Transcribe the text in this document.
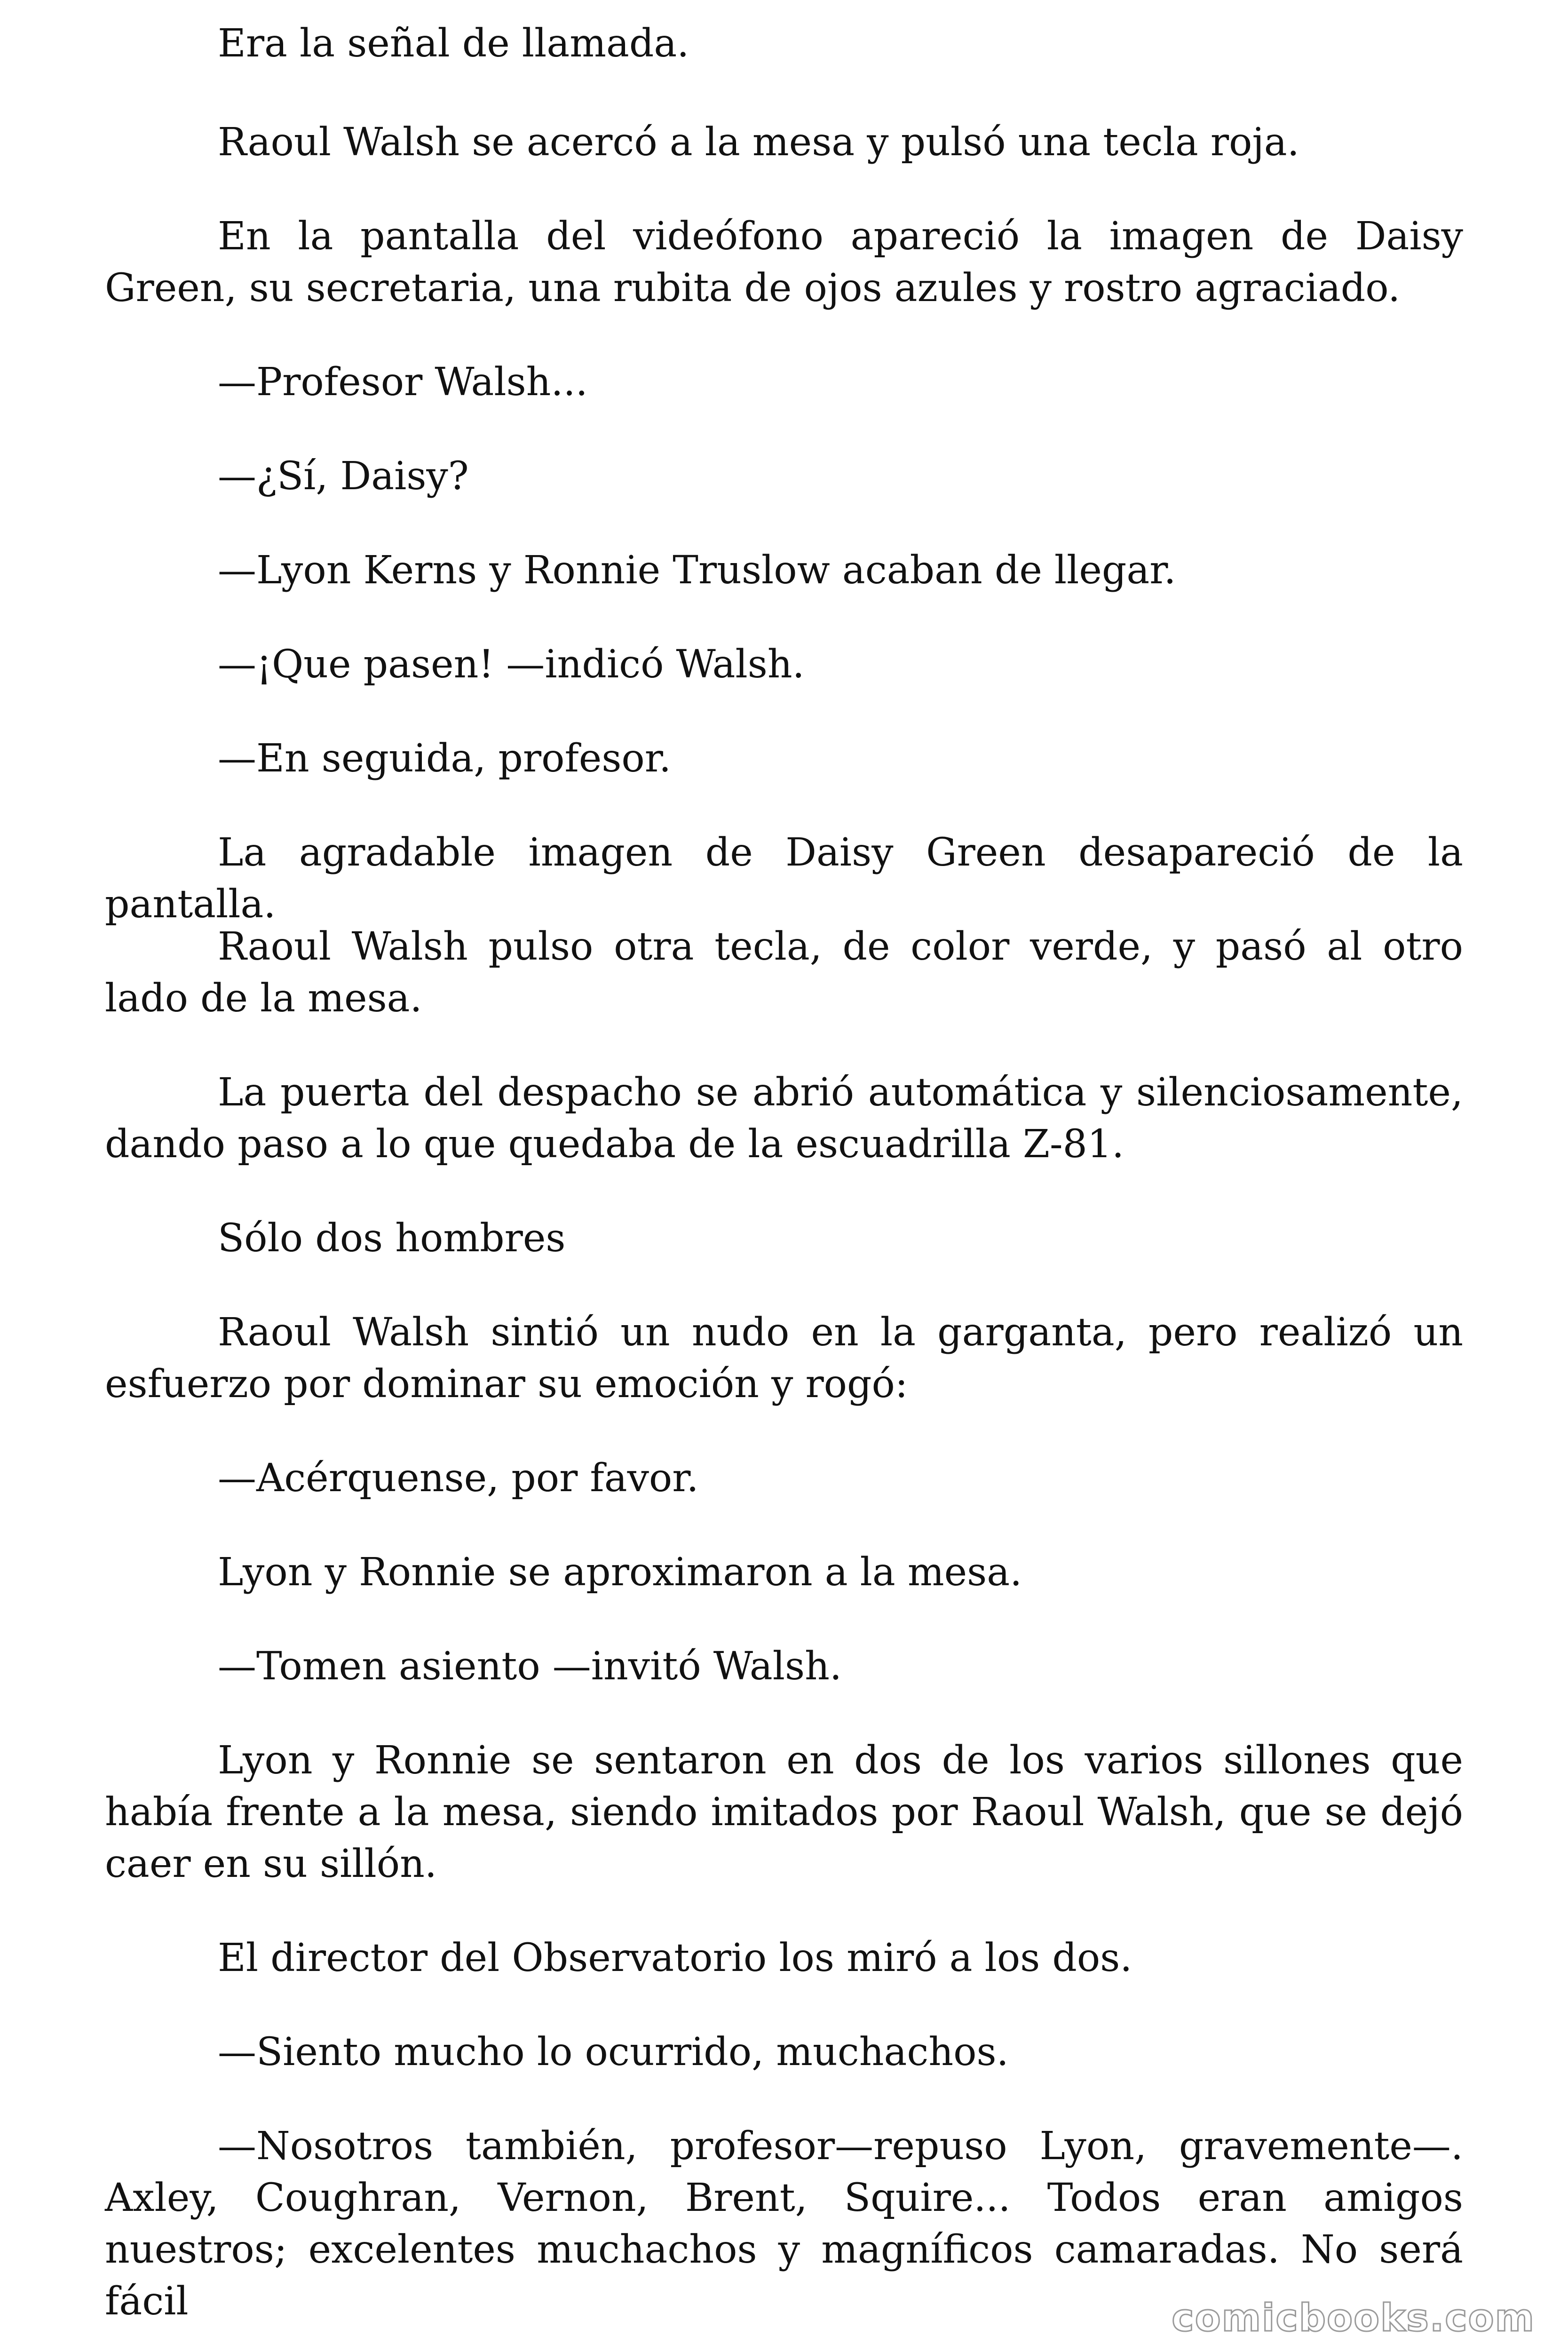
Era la señal de llamada.

Raoul Walsh se acercó a la mesa y pulsó una tecla roja.

En la pantalla del videófono apareció la imagen de Daisy Green, su secretaria, una rubita de ojos azules y rostro agraciado.

—Profesor Walsh...

—¿Sí, Daisy?

—Lyon Kerns y Ronnie Truslow acaban de llegar.

—¡Que pasen! —indicó Walsh.

—En seguida, profesor.

La agradable imagen de Daisy Green desapareció de la pantalla.

Raoul Walsh pulso otra tecla, de color verde, y pasó al otro lado de la mesa.

La puerta del despacho se abrió automática y silenciosamente, dando paso a lo que quedaba de la escuadrilla Z-81.

Sólo dos hombres

Raoul Walsh sintió un nudo en la garganta, pero realizó un esfuerzo por dominar su emoción y rogó:

—Acérquense, por favor.

Lyon y Ronnie se aproximaron a la mesa.

—Tomen asiento —invitó Walsh.

Lyon y Ronnie se sentaron en dos de los varios sillones que había frente a la mesa, siendo imitados por Raoul Walsh, que se dejó caer en su sillón.

El director del Observatorio los miró a los dos.

—Siento mucho lo ocurrido, muchachos.

—Nosotros también, profesor—repuso Lyon, gravemente—. Axley, Coughran, Vernon, Brent, Squire... Todos eran amigos nuestros; excelentes muchachos y magníficos camaradas. No será fácil	comicbooks.com
